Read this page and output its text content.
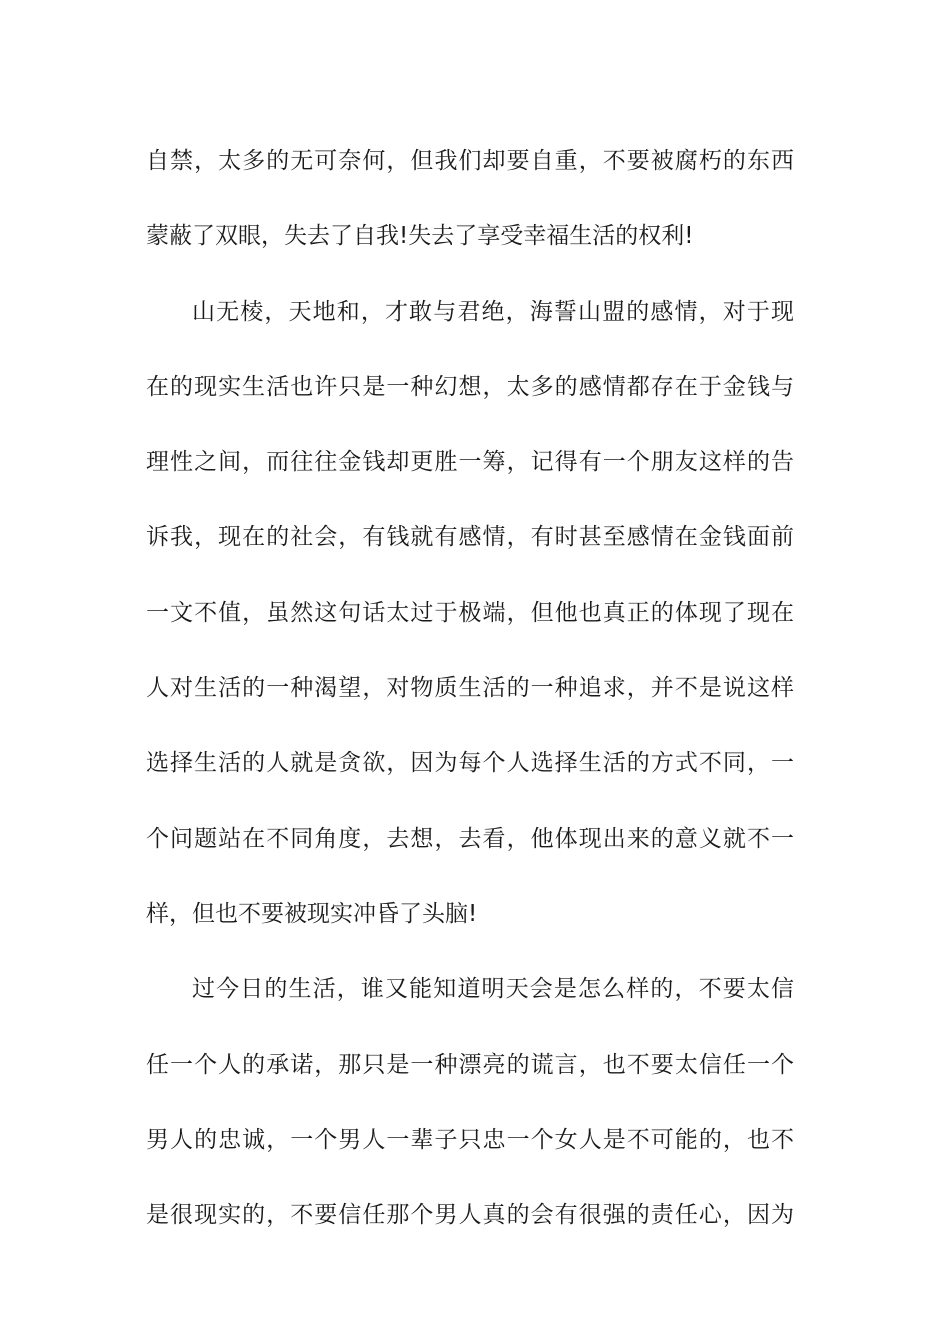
自禁，太多的无可奈何，但我们却要自重，不要被腐朽的东西
蒙蔽了双眼，失去了自我!失去了享受幸福生活的权利!
山无棱，天地和，才敢与君绝，海誓山盟的感情，对于现
在的现实生活也许只是一种幻想，太多的感情都存在于金钱与
理性之间，而往往金钱却更胜一筹，记得有一个朋友这样的告
诉我，现在的社会，有钱就有感情，有时甚至感情在金钱面前
一文不值，虽然这句话太过于极端，但他也真正的体现了现在
人对生活的一种渴望，对物质生活的一种追求，并不是说这样
选择生活的人就是贪欲，因为每个人选择生活的方式不同，一
个问题站在不同角度，去想，去看，他体现出来的意义就不一
样，但也不要被现实冲昏了头脑!
过今日的生活，谁又能知道明天会是怎么样的，不要太信
任一个人的承诺，那只是一种漂亮的谎言，也不要太信任一个
男人的忠诚，一个男人一辈子只忠一个女人是不可能的，也不
是很现实的，不要信任那个男人真的会有很强的责任心，因为
